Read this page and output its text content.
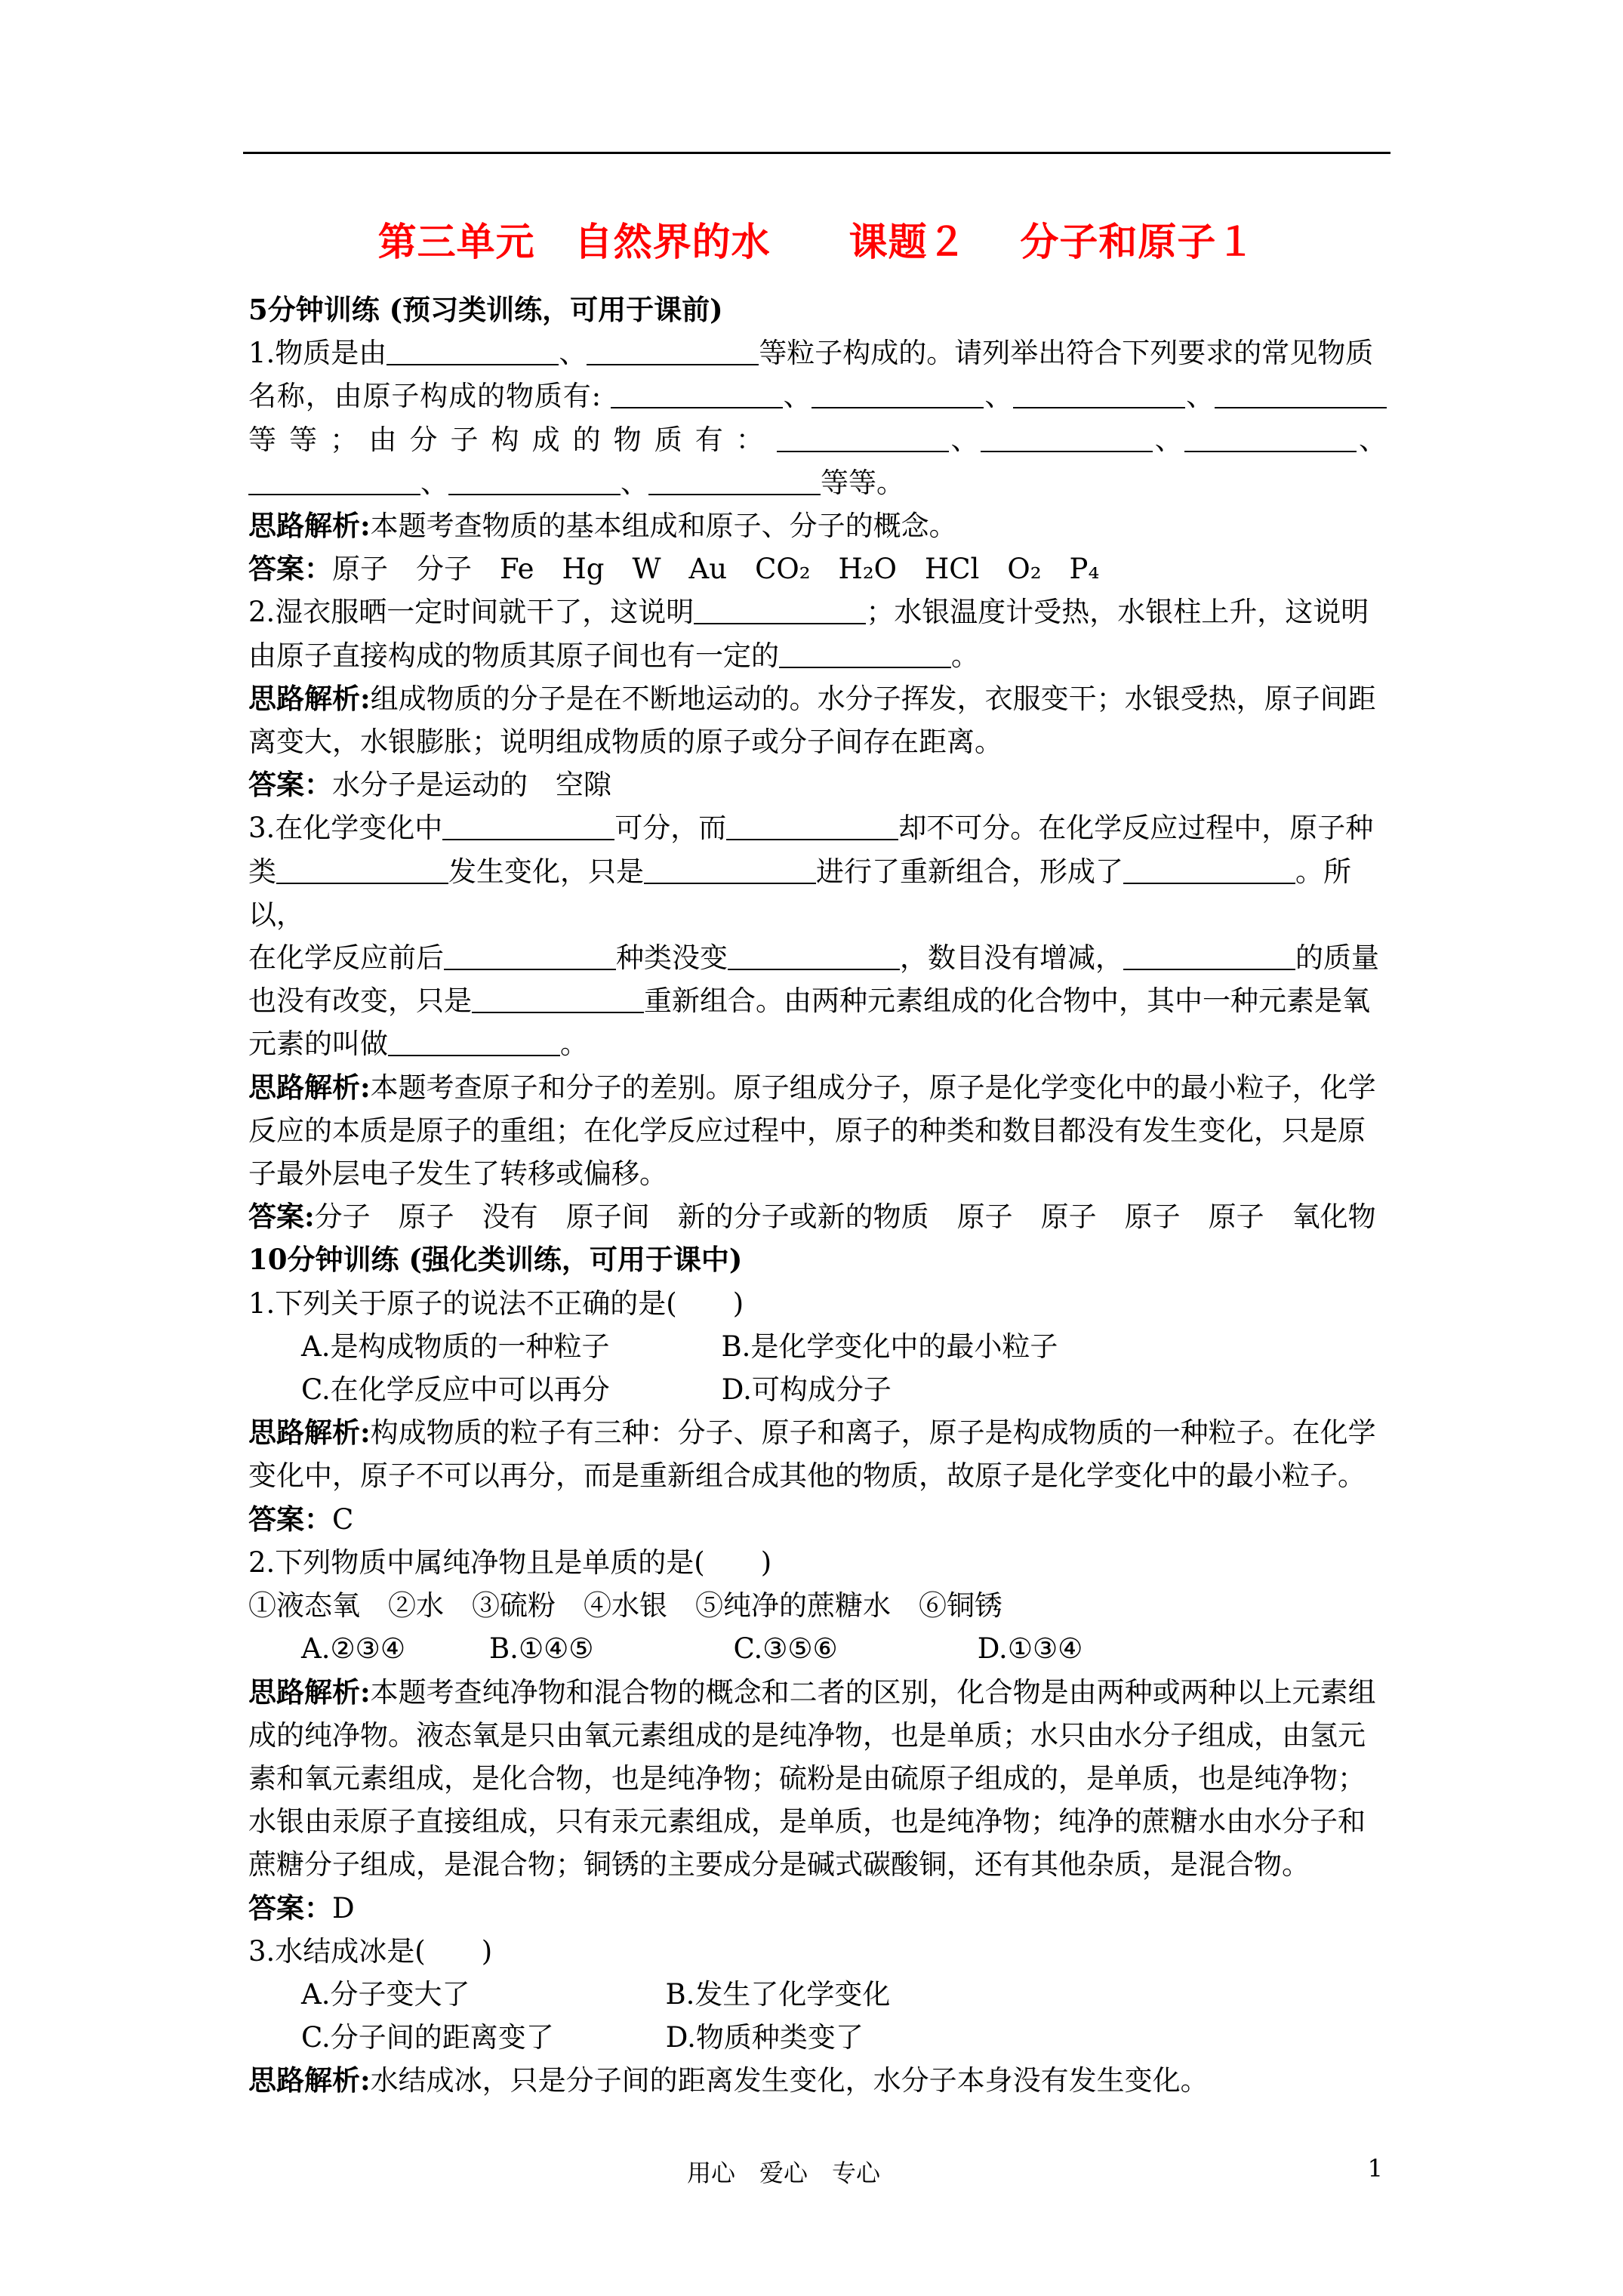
第三单元　自然界的水　　课题２　 分子和原子１
5分钟训练 (预习类训练，可用于课前)
1.物质是由	、	等粒子构成的。请列举出符合下列要求的常见物质
名称，由原子构成的物质有:	、	、	、
等 等 ； 由 分 子 构 成 的 物 质 有 ：	、	、	、
、	、	等等。
思路解析:本题考查物质的基本组成和原子、分子的概念。
答案：原子　分子　Fe　Hg　W　Au　CO₂　H₂O　HCl　O₂　P₄
2.湿衣服晒一定时间就干了，这说明	；水银温度计受热，水银柱上升，这说明
由原子直接构成的物质其原子间也有一定的	。
思路解析:组成物质的分子是在不断地运动的。水分子挥发，衣服变干；水银受热，原子间距离变大，水银膨胀；说明组成物质的原子或分子间存在距离。
答案：水分子是运动的　空隙
3.在化学变化中	可分，而	却不可分。在化学反应过程中，原子种
类	发生变化，只是	进行了重新组合，形成了	。所以，
在化学反应前后	种类没变	，数目没有增减，	的质量
也没有改变，只是	重新组合。由两种元素组成的化合物中，其中一种元素是氧
元素的叫做	。
思路解析:本题考查原子和分子的差别。原子组成分子，原子是化学变化中的最小粒子，化学反应的本质是原子的重组；在化学反应过程中，原子的种类和数目都没有发生变化，只是原子最外层电子发生了转移或偏移。
答案:分子　原子　没有　原子间　新的分子或新的物质　原子　原子　原子　原子　氧化物
10分钟训练 (强化类训练，可用于课中)
1.下列关于原子的说法不正确的是(　　)
A.是构成物质的一种粒子　　　　B.是化学变化中的最小粒子
C.在化学反应中可以再分　　　　D.可构成分子
思路解析:构成物质的粒子有三种：分子、原子和离子，原子是构成物质的一种粒子。在化学变化中，原子不可以再分，而是重新组合成其他的物质，故原子是化学变化中的最小粒子。
答案：C
2.下列物质中属纯净物且是单质的是(　　)
①液态氧　②水　③硫粉　④水银　⑤纯净的蔗糖水　⑥铜锈
A.②③④　　　B.①④⑤　　　　　C.③⑤⑥　　　　　D.①③④
思路解析:本题考查纯净物和混合物的概念和二者的区别，化合物是由两种或两种以上元素组成的纯净物。液态氧是只由氧元素组成的是纯净物，也是单质；水只由水分子组成，由氢元素和氧元素组成，是化合物，也是纯净物；硫粉是由硫原子组成的，是单质，也是纯净物；水银由汞原子直接组成，只有汞元素组成，是单质，也是纯净物；纯净的蔗糖水由水分子和蔗糖分子组成，是混合物；铜锈的主要成分是碱式碳酸铜，还有其他杂质，是混合物。
答案：D
3.水结成冰是(　　)
A.分子变大了　　　　　　　B.发生了化学变化
C.分子间的距离变了　　　　D.物质种类变了
思路解析:水结成冰，只是分子间的距离发生变化，水分子本身没有发生变化。
用心　爱心　专心	1
